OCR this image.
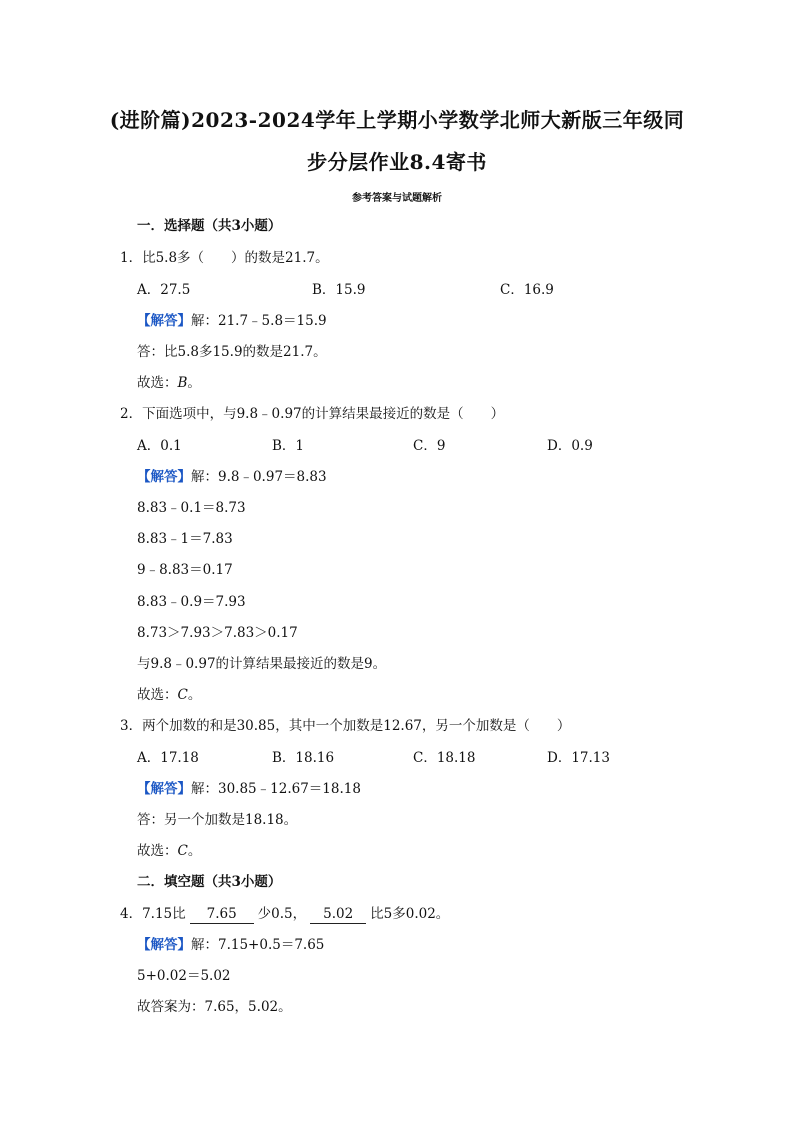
(进阶篇)2023-2024学年上学期小学数学北师大新版三年级同
步分层作业8.4寄书
参考答案与试题解析
一．选择题（共3小题）
1．比5.8多（　　）的数是21.7。
A．27.5	B．15.9	C．16.9
【解答】解：21.7﹣5.8＝15.9
答：比5.8多15.9的数是21.7。
故选：B。
2．下面选项中，与9.8﹣0.97的计算结果最接近的数是（　　）
A．0.1	B．1	C．9	D．0.9
【解答】解：9.8﹣0.97＝8.83
8.83﹣0.1＝8.73
8.83﹣1＝7.83
9﹣8.83＝0.17
8.83﹣0.9＝7.93
8.73＞7.93＞7.83＞0.17
与9.8﹣0.97的计算结果最接近的数是9。
故选：C。
3．两个加数的和是30.85，其中一个加数是12.67，另一个加数是（　　）
A．17.18	B．18.16	C．18.18	D．17.13
【解答】解：30.85﹣12.67＝18.18
答：另一个加数是18.18。
故选：C。
二．填空题（共3小题）
4．7.15比 7.65 少0.5， 5.02 比5多0.02。
【解答】解：7.15+0.5＝7.65
5+0.02＝5.02
故答案为：7.65，5.02。
